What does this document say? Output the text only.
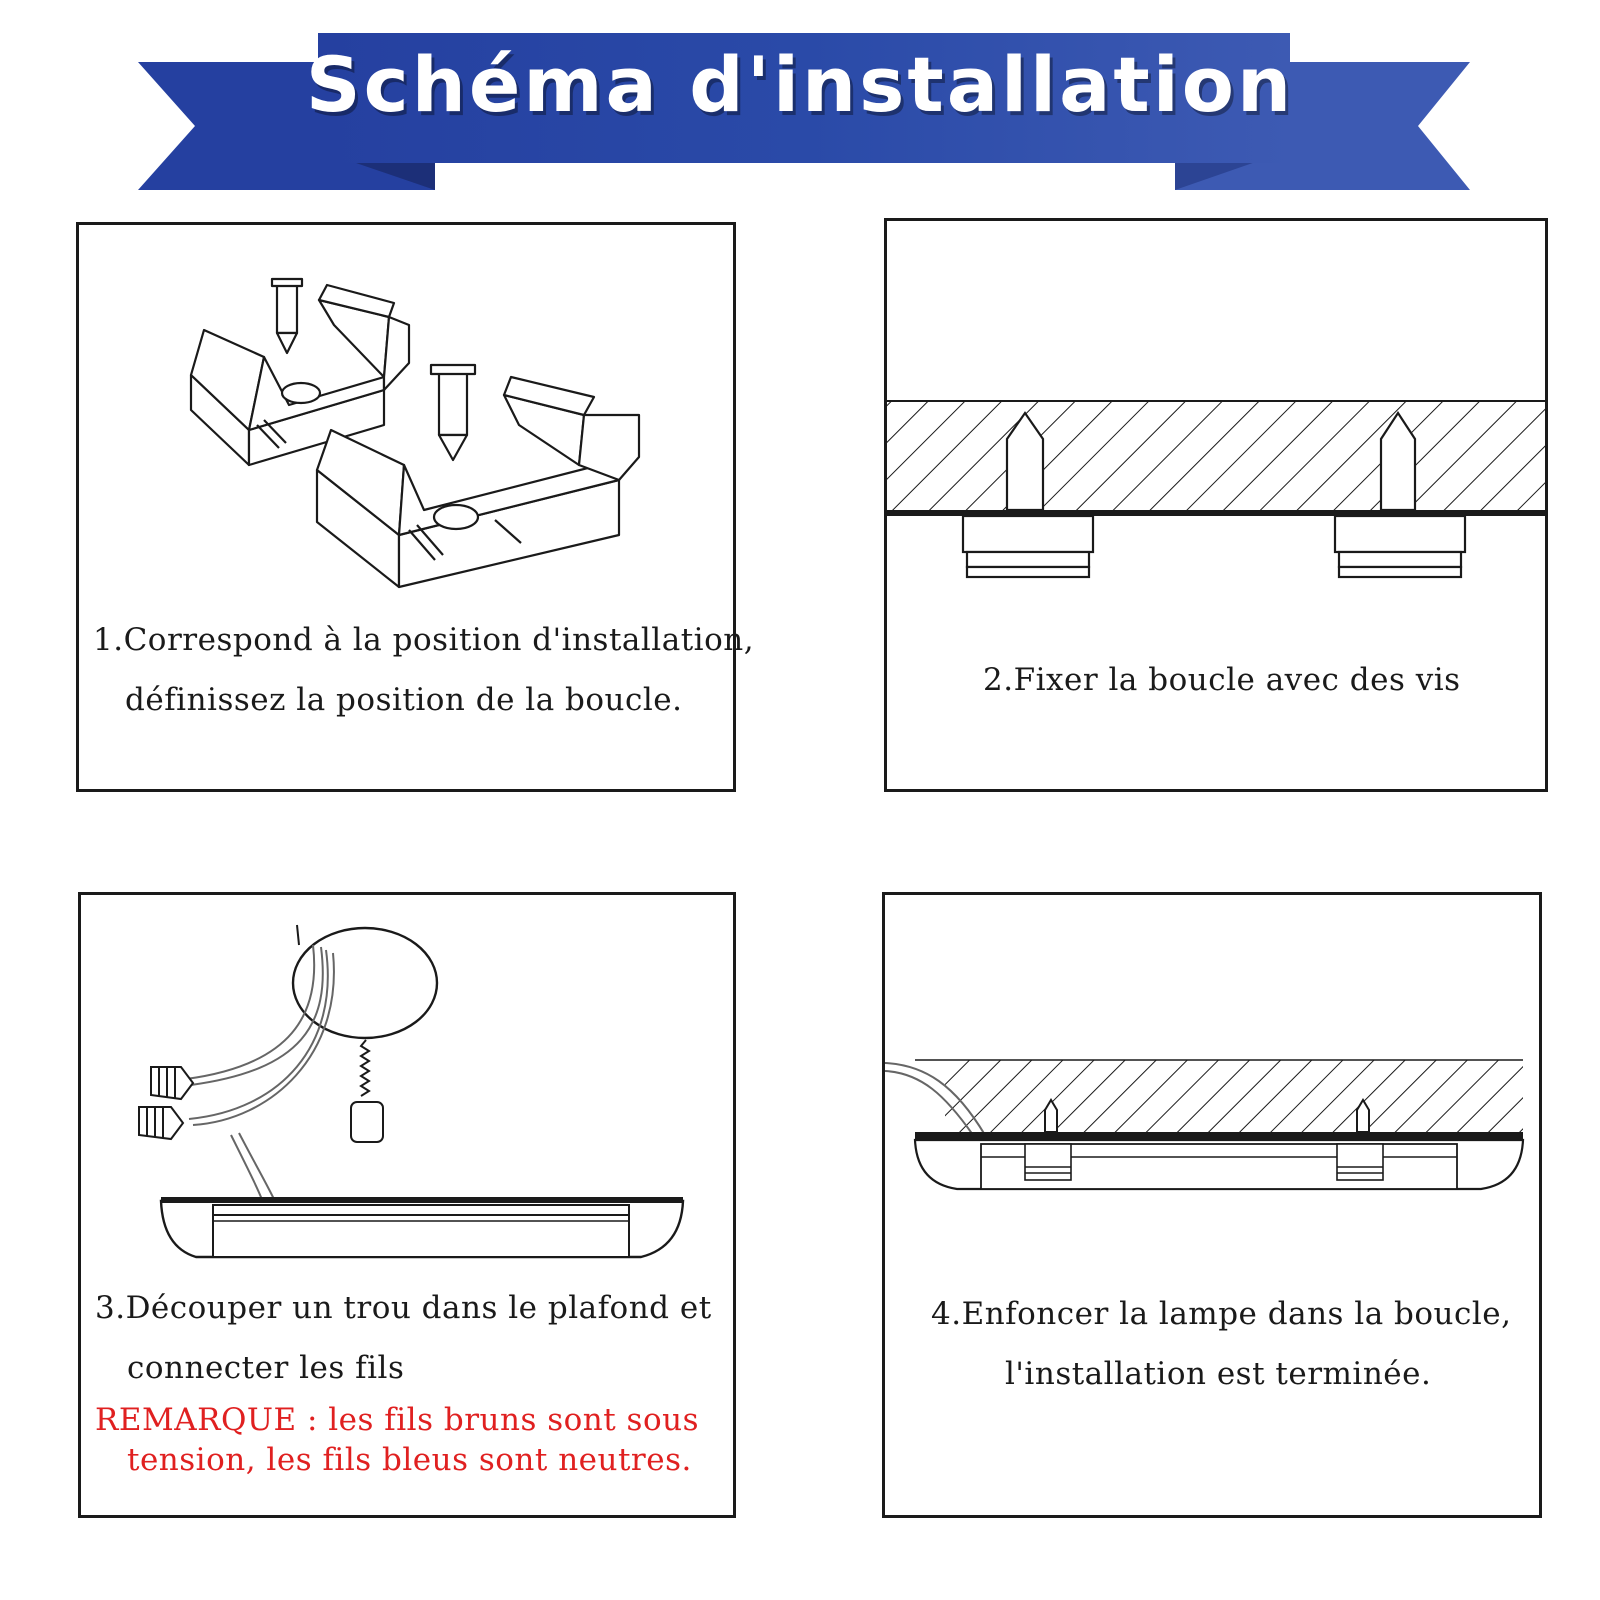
Schéma d'installation
1.Correspond à la position d'installation,
définissez la position de la boucle.
2.Fixer la boucle avec des vis
3.Découper un trou dans le plafond et
connecter les fils
REMARQUE : les fils bruns sont sous
tension, les fils bleus sont neutres.
4.Enfoncer la lampe dans la boucle,
l'installation est terminée.
